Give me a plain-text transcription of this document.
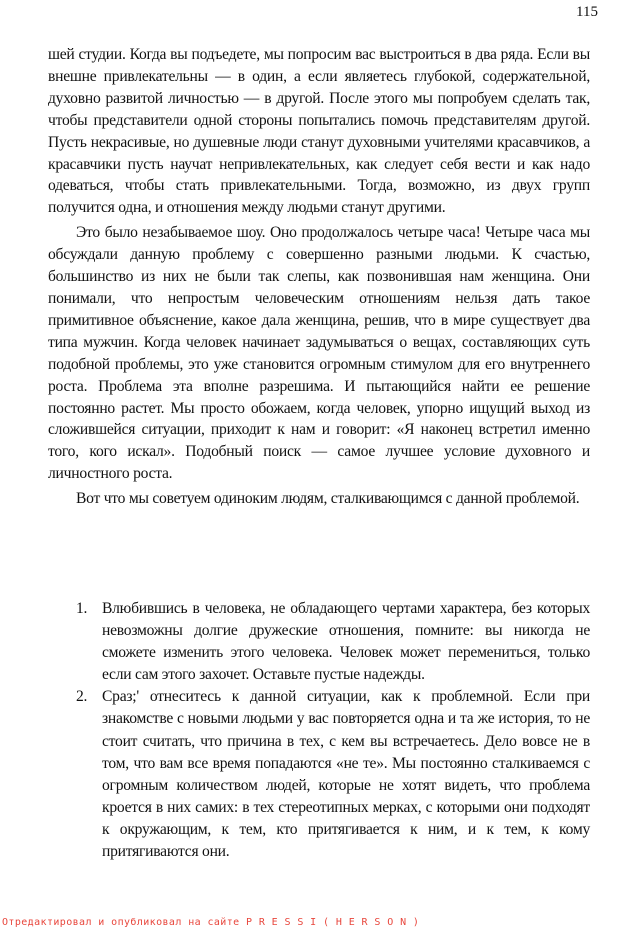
115

шей студии. Когда вы подъедете, мы попросим вас выстроиться в два ряда. Если вы внешне привлекательны — в один, а если являетесь глубокой, содержательной, духовно развитой личностью — в другой. После этого мы попробуем сделать так, чтобы представители одной стороны попытались помочь представителям другой. Пусть некрасивые, но душевные люди станут духовными учителями красавчиков, а красавчики пусть научат непривлекательных, как следует себя вести и как надо одеваться, чтобы стать привлекательными. Тогда, возможно, из двух групп получится одна, и отношения между людьми станут другими.

Это было незабываемое шоу. Оно продолжалось четыре часа! Четыре часа мы обсуждали данную проблему с совершенно разными людьми. К счастью, большинство из них не были так слепы, как позвонившая нам женщина. Они понимали, что непростым человеческим отношениям нельзя дать такое примитивное объяснение, какое дала женщина, решив, что в мире существует два типа мужчин. Когда человек начинает задумываться о вещах, составляющих суть подобной проблемы, это уже становится огромным стимулом для его внутреннего роста. Проблема эта вполне разрешима. И пытающийся найти ее решение постоянно растет. Мы просто обожаем, когда человек, упорно ищущий выход из сложившейся ситуации, приходит к нам и говорит: «Я наконец встретил именно того, кого искал». Подобный поиск — самое лучшее условие духовного и личностного роста.

Вот что мы советуем одиноким людям, сталкивающимся с данной проблемой.

1. Влюбившись в человека, не обладающего чертами характера, без которых невозможны долгие дружеские отношения, помните: вы никогда не сможете изменить этого человека. Человек может перемениться, только если сам этого захочет. Оставьте пустые надежды.
2. Сраз;' отнеситесь к данной ситуации, как к проблемной. Если при знакомстве с новыми людьми у вас повторяется одна и та же история, то не стоит считать, что причина в тех, с кем вы встречаетесь. Дело вовсе не в том, что вам все время попадаются «не те». Мы постоянно сталкиваемся с огромным количеством людей, которые не хотят видеть, что проблема кроется в них самих: в тех стереотипных мерках, с которыми они подходят к окружающим, к тем, кто притягивается к ним, и к тем, к кому притягиваются они.
Отредактировал и опубликовал на сайте P R E S S I ( H E R S O N )
